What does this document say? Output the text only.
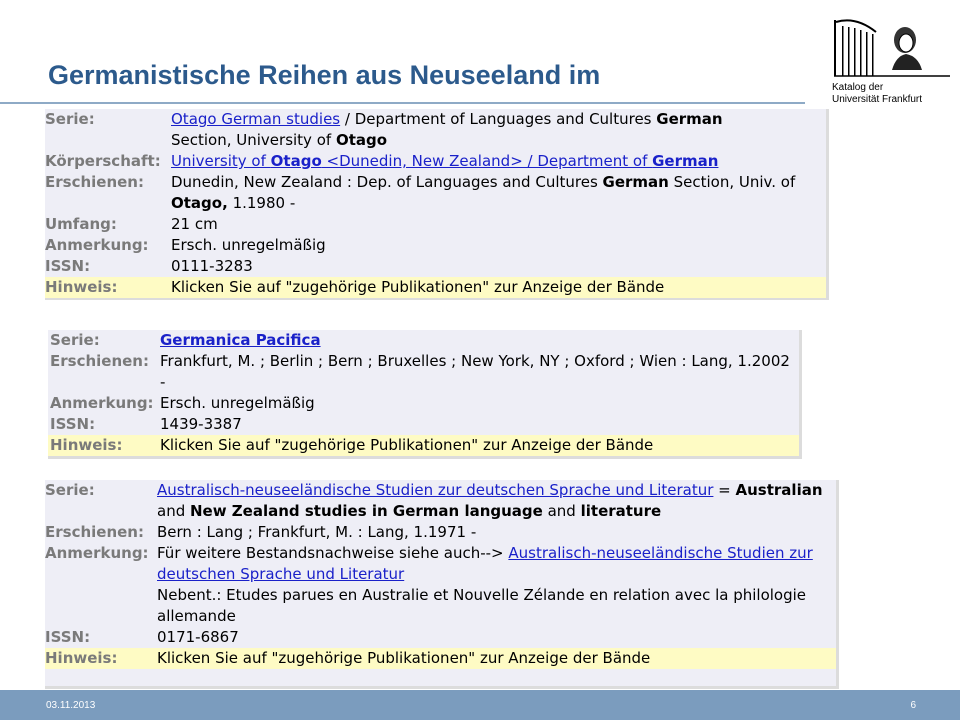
Germanistische Reihen aus Neuseeland im	Katalog der
Universität Frankfurt
Serie:	Otago German studies / Department of Languages and Cultures German
Section, University of Otago
Körperschaft: University of Otago <Dunedin, New Zealand> / Department of German
Erschienen: Dunedin, New Zealand : Dep. of Languages and Cultures German Section, Univ. of Otago, 1.1980 -
Umfang:	21 cm
Anmerkung: Ersch. unregelmäßig
ISSN:	0111-3283
Hinweis:	Klicken Sie auf "zugehörige Publikationen" zur Anzeige der Bände
Serie:	Germanica Pacifica
Erschienen: Frankfurt, M. ; Berlin ; Bern ; Bruxelles ; New York, NY ; Oxford ; Wien : Lang, 1.2002 -
Anmerkung: Ersch. unregelmäßig
ISSN:	1439-3387
Hinweis:	Klicken Sie auf "zugehörige Publikationen" zur Anzeige der Bände
Serie:	Australisch-neuseeländische Studien zur deutschen Sprache und Literatur = Australian and New Zealand studies in German language and literature
Erschienen: Bern : Lang ; Frankfurt, M. : Lang, 1.1971 -
Anmerkung: Für weitere Bestandsnachweise siehe auch--> Australisch-neuseeländische Studien zur deutschen Sprache und Literatur
Nebent.: Etudes parues en Australie et Nouvelle Zélande en relation avec la philologie allemande
ISSN:	0171-6867
Hinweis:	Klicken Sie auf "zugehörige Publikationen" zur Anzeige der Bände
03.11.2013	6
